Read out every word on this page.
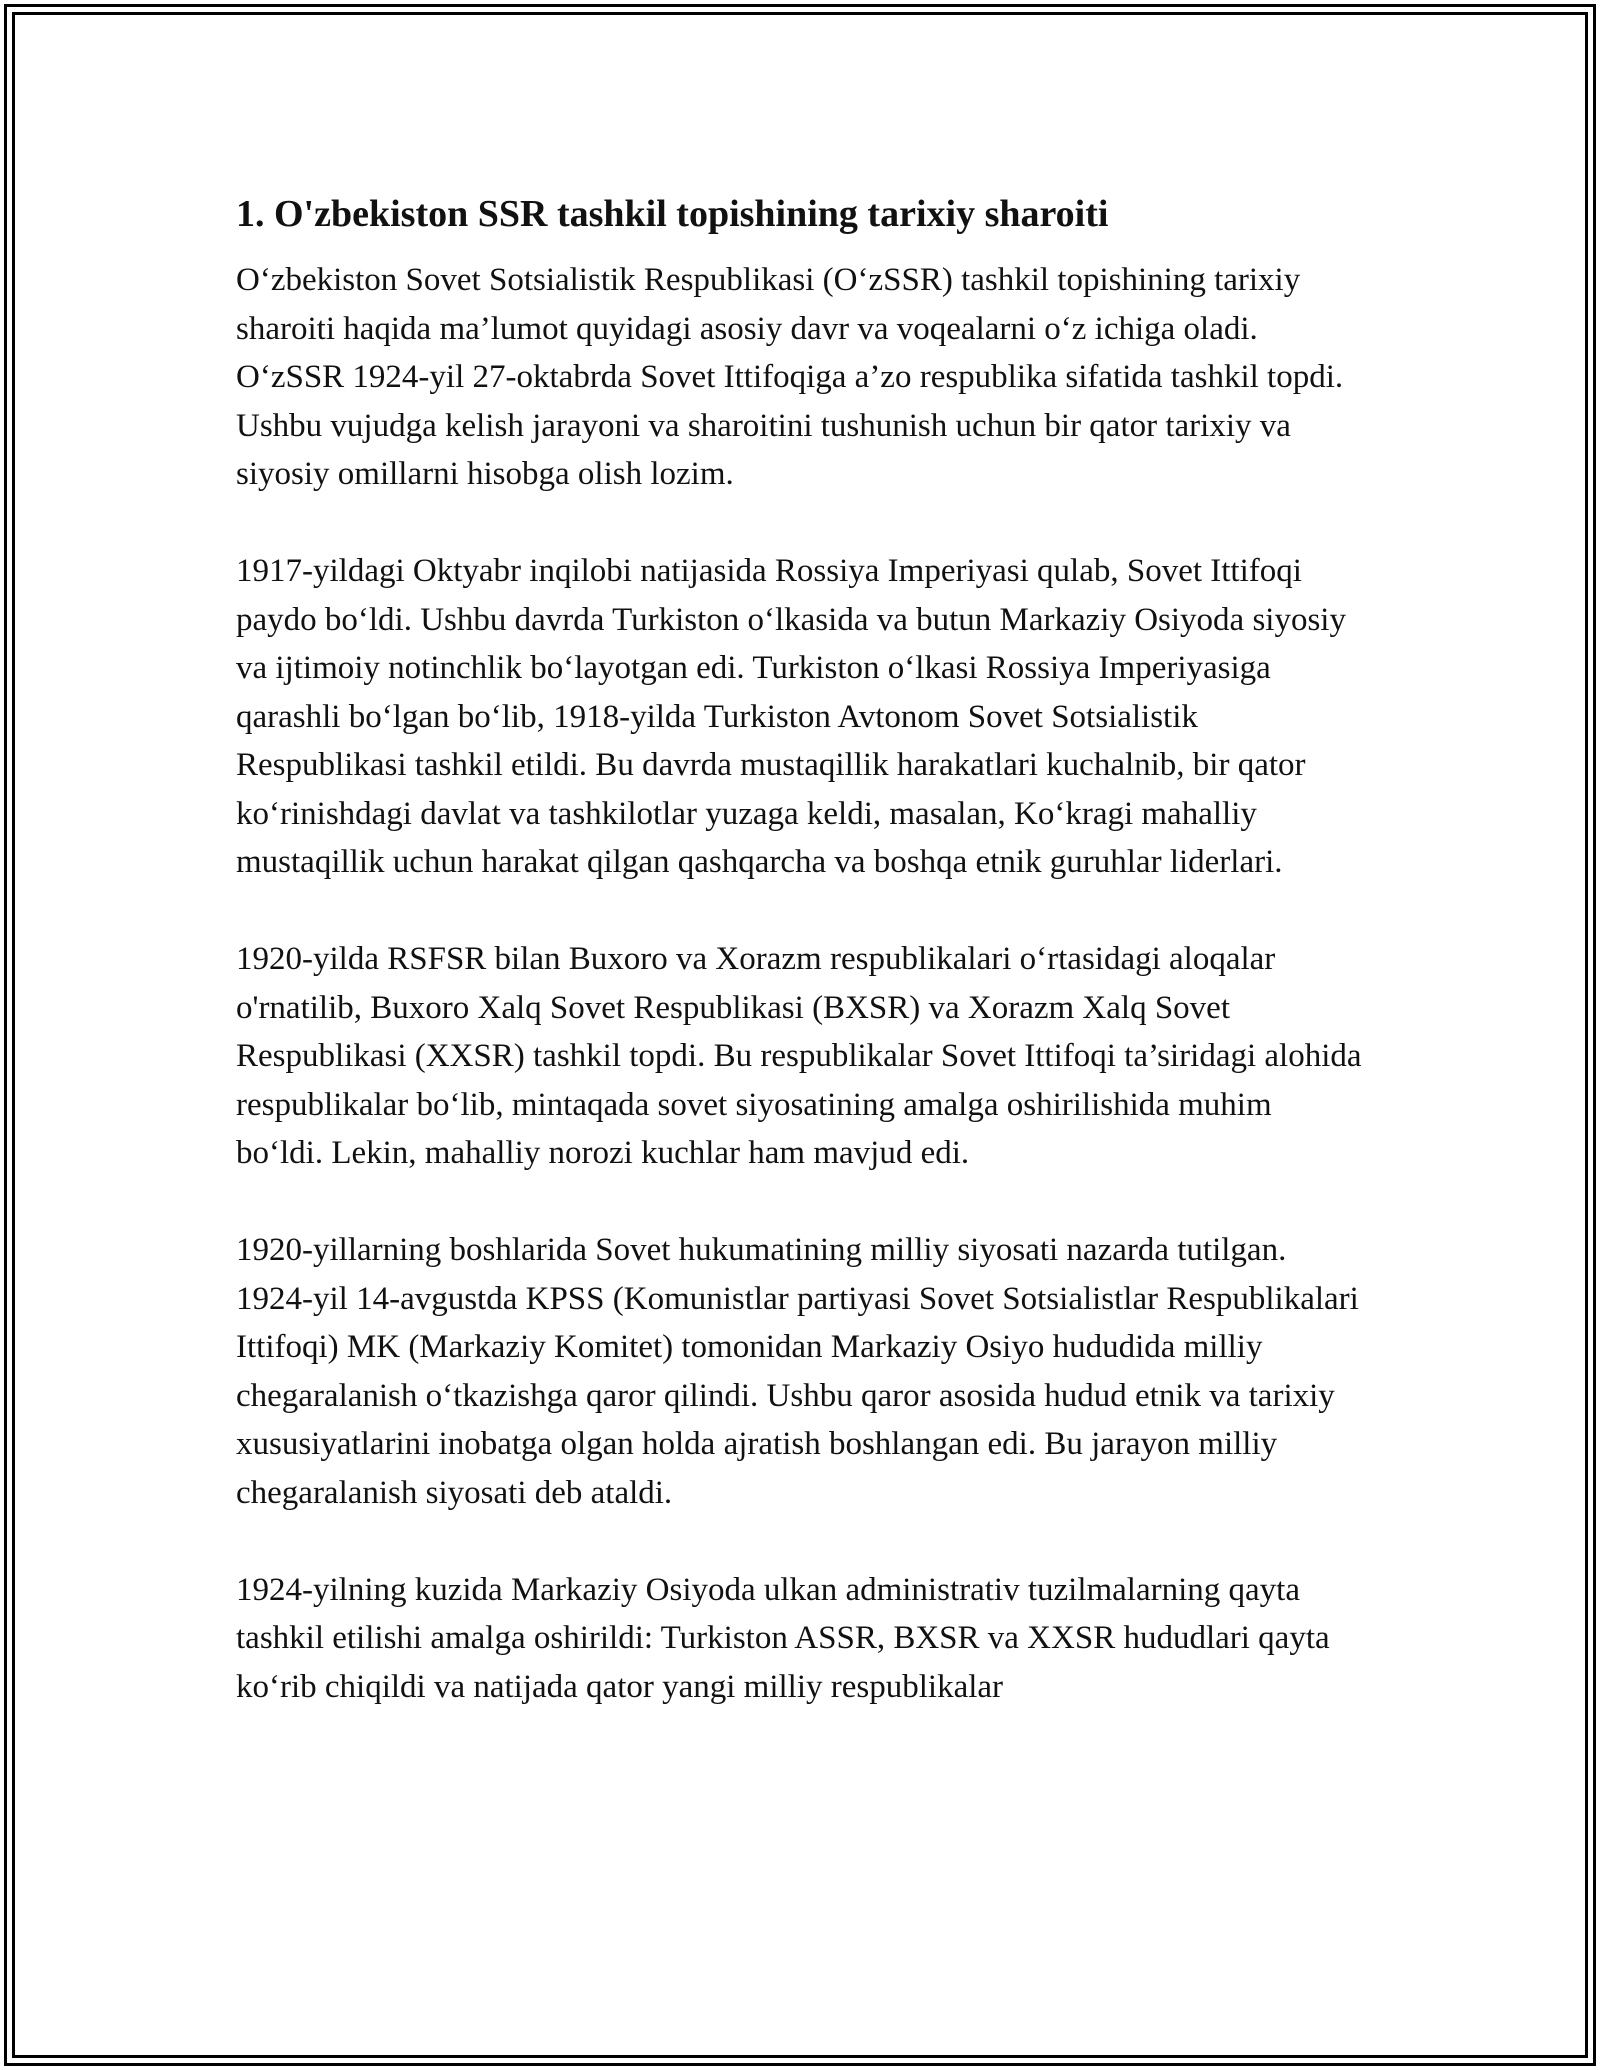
1. O'zbekiston SSR tashkil topishining tarixiy sharoiti

O‘zbekiston Sovet Sotsialistik Respublikasi (O‘zSSR) tashkil topishining tarixiy sharoiti haqida ma’lumot quyidagi asosiy davr va voqealarni o‘z ichiga oladi. O‘zSSR 1924-yil 27-oktabrda Sovet Ittifoqiga a’zo respublika sifatida tashkil topdi. Ushbu vujudga kelish jarayoni va sharoitini tushunish uchun bir qator tarixiy va siyosiy omillarni hisobga olish lozim.

1917-yildagi Oktyabr inqilobi natijasida Rossiya Imperiyasi qulab, Sovet Ittifoqi paydo bo‘ldi. Ushbu davrda Turkiston o‘lkasida va butun Markaziy Osiyoda siyosiy va ijtimoiy notinchlik bo‘layotgan edi. Turkiston o‘lkasi Rossiya Imperiyasiga qarashli bo‘lgan bo‘lib, 1918-yilda Turkiston Avtonom Sovet Sotsialistik Respublikasi tashkil etildi. Bu davrda mustaqillik harakatlari kuchalnib, bir qator ko‘rinishdagi davlat va tashkilotlar yuzaga keldi, masalan, Ko‘kragi mahalliy mustaqillik uchun harakat qilgan qashqarcha va boshqa etnik guruhlar liderlari.

1920-yilda RSFSR bilan Buxoro va Xorazm respublikalari o‘rtasidagi aloqalar o'rnatilib, Buxoro Xalq Sovet Respublikasi (BXSR) va Xorazm Xalq Sovet Respublikasi (XXSR) tashkil topdi. Bu respublikalar Sovet Ittifoqi ta’siridagi alohida respublikalar bo‘lib, mintaqada sovet siyosatining amalga oshirilishida muhim bo‘ldi. Lekin, mahalliy norozi kuchlar ham mavjud edi.

1920-yillarning boshlarida Sovet hukumatining milliy siyosati nazarda tutilgan. 1924-yil 14-avgustda KPSS (Komunistlar partiyasi Sovet Sotsialistlar Respublikalari Ittifoqi) MK (Markaziy Komitet) tomonidan Markaziy Osiyo hududida milliy chegaralanish o‘tkazishga qaror qilindi. Ushbu qaror asosida hudud etnik va tarixiy xususiyatlarini inobatga olgan holda ajratish boshlangan edi. Bu jarayon milliy chegaralanish siyosati deb ataldi.

1924-yilning kuzida Markaziy Osiyoda ulkan administrativ tuzilmalarning qayta tashkil etilishi amalga oshirildi: Turkiston ASSR, BXSR va XXSR hududlari qayta ko‘rib chiqildi va natijada qator yangi milliy respublikalar
